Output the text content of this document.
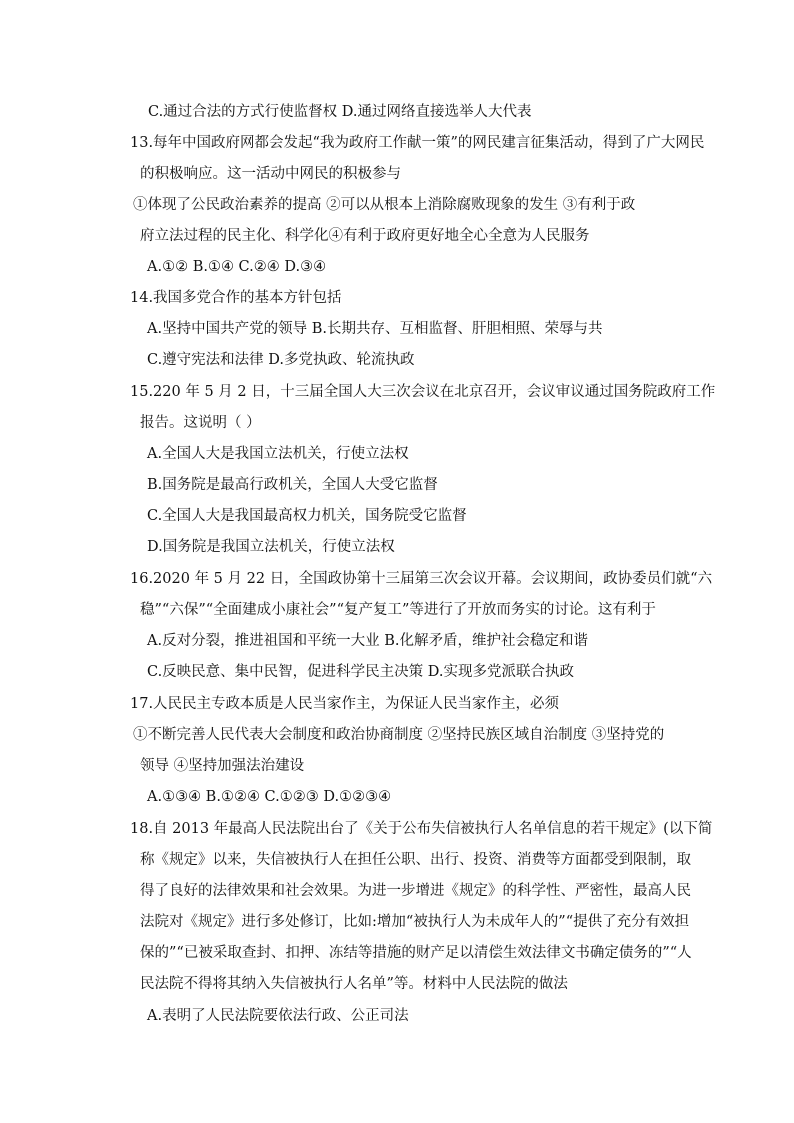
C.通过合法的方式行使监督权 D.通过网络直接选举人大代表
13.每年中国政府网都会发起“我为政府工作献一策”的网民建言征集活动，得到了广大网民
的积极响应。这一活动中网民的积极参与
①体现了公民政治素养的提高 ②可以从根本上消除腐败现象的发生 ③有利于政
府立法过程的民主化、科学化④有利于政府更好地全心全意为人民服务
A.①② B.①④ C.②④ D.③④
14.我国多党合作的基本方针包括
A.坚持中国共产党的领导 B.长期共存、互相监督、肝胆相照、荣辱与共
C.遵守宪法和法律 D.多党执政、轮流执政
15.220 年 5 月 2 日，十三届全国人大三次会议在北京召开，会议审议通过国务院政府工作
报告。这说明（ ）
A.全国人大是我国立法机关，行使立法权
B.国务院是最高行政机关，全国人大受它监督
C.全国人大是我国最高权力机关，国务院受它监督
D.国务院是我国立法机关，行使立法权
16.2020 年 5 月 22 日，全国政协第十三届第三次会议开幕。会议期间，政协委员们就“六
稳”“六保”“全面建成小康社会”“复产复工”等进行了开放而务实的讨论。这有利于
A.反对分裂，推进祖国和平统一大业 B.化解矛盾，维护社会稳定和谐
C.反映民意、集中民智，促进科学民主决策 D.实现多党派联合执政
17.人民民主专政本质是人民当家作主，为保证人民当家作主，必须
①不断完善人民代表大会制度和政治协商制度 ②坚持民族区域自治制度 ③坚持党的
领导 ④坚持加强法治建设
A.①③④ B.①②④ C.①②③ D.①②③④
18.自 2013 年最高人民法院出台了《关于公布失信被执行人名单信息的若干规定》(以下简
称《规定》以来，失信被执行人在担任公职、出行、投资、消费等方面都受到限制，取
得了良好的法律效果和社会效果。为进一步增进《规定》的科学性、严密性，最高人民
法院对《规定》进行多处修订，比如:增加“被执行人为未成年人的”“提供了充分有效担
保的”“已被采取查封、扣押、冻结等措施的财产足以清偿生效法律文书确定债务的”“人
民法院不得将其纳入失信被执行人名单”等。材料中人民法院的做法
A.表明了人民法院要依法行政、公正司法
